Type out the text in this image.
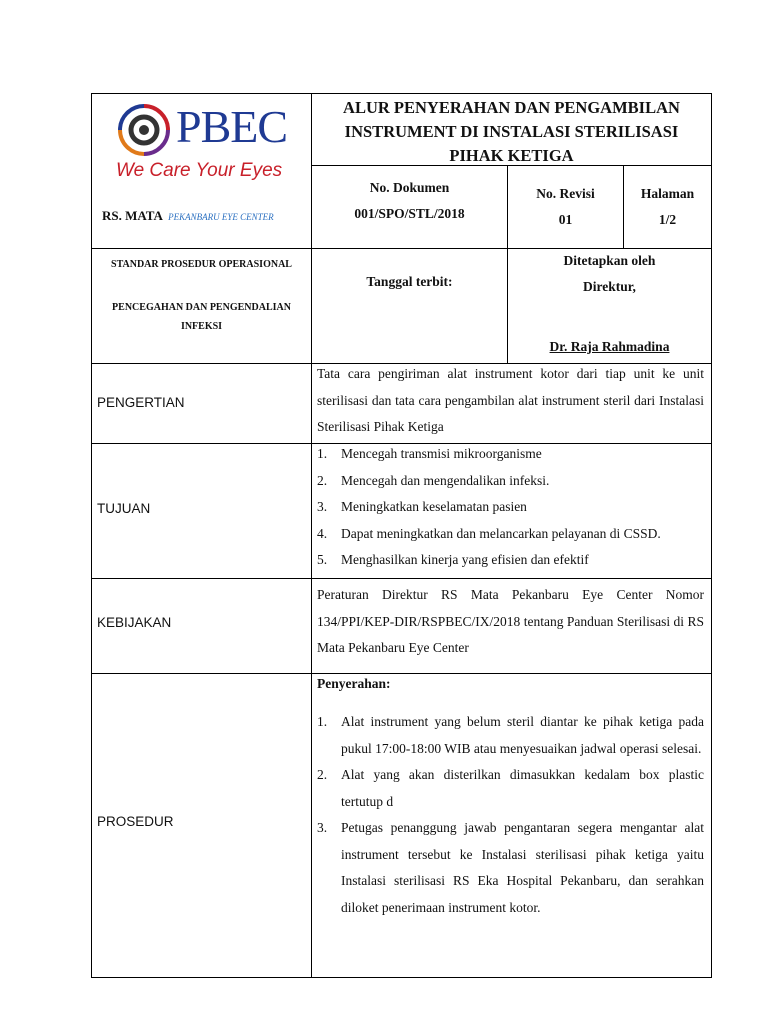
PBEC
We Care Your Eyes
RS. MATA PEKANBARU EYE CENTER
ALUR PENYERAHAN DAN PENGAMBILAN
INSTRUMENT DI INSTALASI STERILISASI
PIHAK KETIGA
No. Dokumen
001/SPO/STL/2018
No. Revisi
01
Halaman
1/2
STANDAR PROSEDUR OPERASIONAL
PENCEGAHAN DAN PENGENDALIAN
INFEKSI
Tanggal terbit:
Ditetapkan oleh
Direktur,
Dr. Raja Rahmadina
PENGERTIAN
Tata cara pengiriman alat instrument kotor dari tiap unit ke unit sterilisasi dan tata cara pengambilan alat instrument steril dari Instalasi Sterilisasi Pihak Ketiga
TUJUAN
1. Mencegah transmisi mikroorganisme
2. Mencegah dan mengendalikan infeksi.
3. Meningkatkan keselamatan pasien
4. Dapat meningkatkan dan melancarkan pelayanan di CSSD.
5. Menghasilkan kinerja yang efisien dan efektif
KEBIJAKAN
Peraturan Direktur RS Mata Pekanbaru Eye Center Nomor 134/PPI/KEP-DIR/RSPBEC/IX/2018 tentang Panduan Sterilisasi di RS Mata Pekanbaru Eye Center
PROSEDUR
Penyerahan:
1. Alat instrument yang belum steril diantar ke pihak ketiga pada pukul 17:00-18:00 WIB atau menyesuaikan jadwal operasi selesai.
2. Alat yang akan disterilkan dimasukkan kedalam box plastic tertutup d
3. Petugas penanggung jawab pengantaran segera mengantar alat instrument tersebut ke Instalasi sterilisasi pihak ketiga yaitu Instalasi sterilisasi RS Eka Hospital Pekanbaru, dan serahkan diloket penerimaan instrument kotor.
